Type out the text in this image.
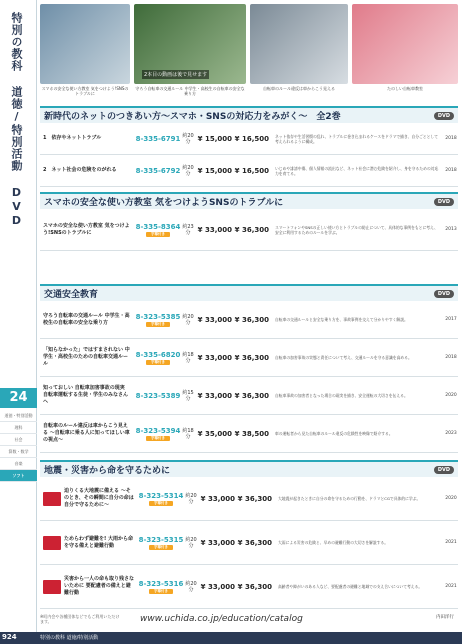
特別の教科 道徳/特別活動 DVD
24
道徳・特別活動
理科
社会
算数・数学
音楽
ソフト
2本目の動画は後で見せます
スマホの安全な使い方教室 気をつけよう!SNSのトラブルに
守ろう自転車の交通ルール 中学生・高校生の自転車の安全な乗り方
自転車のルール違反は車からこう見える	たのしい自転車教室
新時代のネットのつきあい方～スマホ・SNSの対応力をみがく～　全2巻	DVD
1　依存やネットトラブル	8-335-6791 約20分	¥ 15,000 ¥ 16,500	ネット依存や生活習慣の乱れ、トラブルに巻き込まれるケースをドラマで描き、自分ごととして考えられるように構成。	2018
2　ネット社会の危険をのがれる	8-335-6792 約20分	¥ 15,000 ¥ 16,500	いじめや誹謗中傷、個人情報の流出など、ネット社会に潜む危険を紹介し、身を守るための対応力を育てる。	2018
スマホの安全な使い方教室 気をつけようSNSのトラブルに	DVD
スマホの安全な使い方教室 気をつけよう!SNSのトラブルに
8-335-8364
字幕付き
約23分	¥ 33,000 ¥ 36,300	スマートフォンやSNSの正しい使い方とトラブルの防止について、具体的な事例をもとに考え、安全に利用するためのルールを学ぶ。	2013
交通安全教育	DVD
守ろう自転車の交通ルール 中学生・高校生の自転車の安全な乗り方
8-323-5385
字幕付き
約20分	¥ 33,000 ¥ 36,300	自転車の交通ルールと安全な乗り方を、事故事例を交えて分かりやすく解説。	2017
「知らなかった」ではすまされない 中学生・高校生のための自転車交通ルール
8-335-6820
字幕付き
約18分	¥ 33,000 ¥ 36,300	自転車の加害事故の実態と責任について考え、交通ルールを守る意識を高める。	2018
知っておしい 自転車加害事故の現実 自転車運転する生徒・学生のみなさんへ
8-323-5389 約15分	¥ 33,000 ¥ 36,300	自転車事故の加害者となった場合の現実を描き、安全運転の大切さを伝える。	2020
自転車のルール違反は車からこう見える ～自転車に乗る人に知ってほしい車の視点～
8-323-5394
字幕付き
約18分	¥ 35,000 ¥ 38,500	車の運転者から見た自転車のルール違反の危険性を映像で紹介する。	2023
地震・災害から命を守るために	DVD
迫りくる大地震に備える ～そのとき、その瞬間に自分の命は自分で守るために～
8-323-5314
字幕付き
約20分	¥ 33,000 ¥ 36,300	大地震が起きたときに自分の命を守るための行動を、ドラマとCGで具体的に学ぶ。	2020
ためらわず避難を! 大雨から命を守る備えと避難行動
8-323-5315
字幕付き
約20分	¥ 33,000 ¥ 36,300	大雨による災害の危険と、早めの避難行動の大切さを解説する。	2021
災害から一人の命も取り残さないために 要配慮者の備えと避難行動
8-323-5316
字幕付き
約20分	¥ 33,000 ¥ 36,300	高齢者や障がいのある人など、要配慮者の避難と地域での支え合いについて考える。	2021
※町内会や各種団体などでもご利用いただけます。	www.uchida.co.jp/education/catalog	内田洋行
924	特別の教科 道徳/特別活動
